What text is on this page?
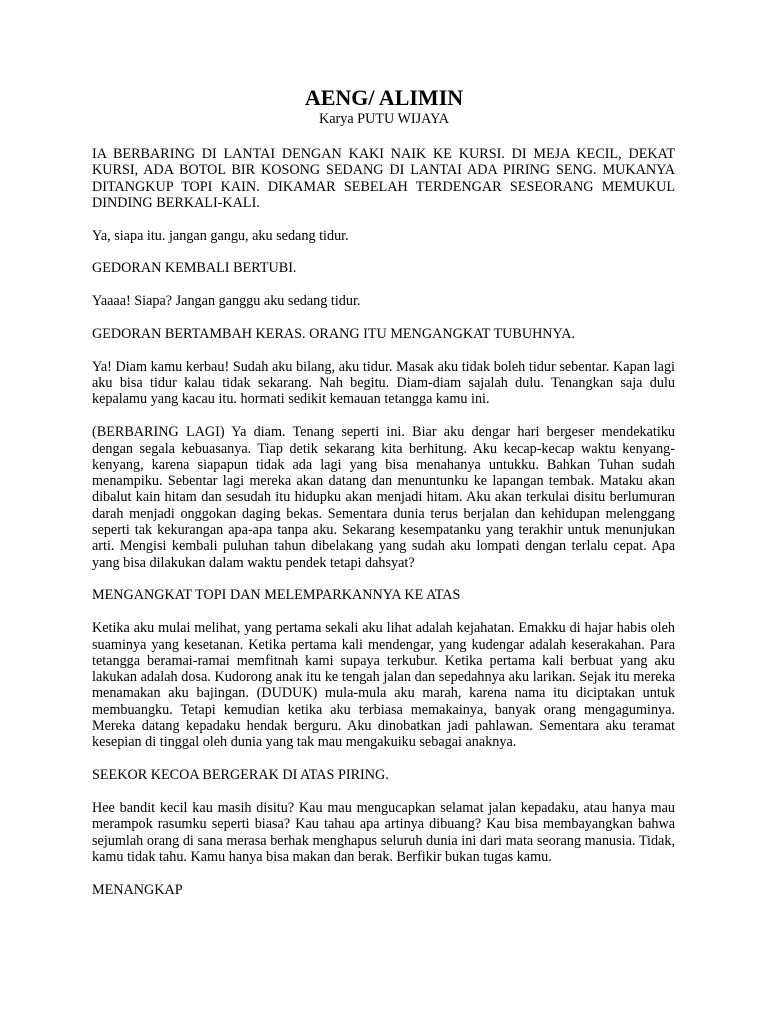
AENG/ ALIMIN
Karya PUTU WIJAYA

IA BERBARING DI LANTAI DENGAN KAKI NAIK KE KURSI. DI MEJA KECIL, DEKAT KURSI, ADA BOTOL BIR KOSONG SEDANG DI LANTAI ADA PIRING SENG. MUKANYA DITANGKUP TOPI KAIN. DIKAMAR SEBELAH TERDENGAR SESEORANG MEMUKUL DINDING BERKALI-KALI.

Ya, siapa itu. jangan gangu, aku sedang tidur.

GEDORAN KEMBALI BERTUBI.

Yaaaa! Siapa? Jangan ganggu aku sedang tidur.

GEDORAN BERTAMBAH KERAS. ORANG ITU MENGANGKAT TUBUHNYA.

Ya! Diam kamu kerbau! Sudah aku bilang, aku tidur. Masak aku tidak boleh tidur sebentar. Kapan lagi aku bisa tidur kalau tidak sekarang. Nah begitu. Diam-diam sajalah dulu. Tenangkan saja dulu kepalamu yang kacau itu. hormati sedikit kemauan tetangga kamu ini.

(BERBARING LAGI) Ya diam. Tenang seperti ini. Biar aku dengar hari bergeser mendekatiku dengan segala kebuasanya. Tiap detik sekarang kita berhitung. Aku kecap-kecap waktu kenyang-kenyang, karena siapapun tidak ada lagi yang bisa menahanya untukku. Bahkan Tuhan sudah menampiku. Sebentar lagi mereka akan datang dan menuntunku ke lapangan tembak. Mataku akan dibalut kain hitam dan sesudah itu hidupku akan menjadi hitam. Aku akan terkulai disitu berlumuran darah menjadi onggokan daging bekas. Sementara dunia terus berjalan dan kehidupan melenggang seperti tak kekurangan apa-apa tanpa aku. Sekarang kesempatanku yang terakhir untuk menunjukan arti. Mengisi kembali puluhan tahun dibelakang yang sudah aku lompati dengan terlalu cepat. Apa yang bisa dilakukan dalam waktu pendek tetapi dahsyat?

MENGANGKAT TOPI DAN MELEMPARKANNYA KE ATAS

Ketika aku mulai melihat, yang pertama sekali aku lihat adalah kejahatan. Emakku di hajar habis oleh suaminya yang kesetanan. Ketika pertama kali mendengar, yang kudengar adalah keserakahan. Para tetangga beramai-ramai memfitnah kami supaya terkubur. Ketika pertama kali berbuat yang aku lakukan adalah dosa. Kudorong anak itu ke tengah jalan dan sepedahnya aku larikan. Sejak itu mereka menamakan aku bajingan. (DUDUK) mula-mula aku marah, karena nama itu diciptakan untuk membuangku. Tetapi kemudian ketika aku terbiasa memakainya, banyak orang mengaguminya. Mereka datang kepadaku hendak berguru. Aku dinobatkan jadi pahlawan. Sementara aku teramat kesepian di tinggal oleh dunia yang tak mau mengakuiku sebagai anaknya.

SEEKOR KECOA BERGERAK DI ATAS PIRING.

Hee bandit kecil kau masih disitu? Kau mau mengucapkan selamat jalan kepadaku, atau hanya mau merampok rasumku seperti biasa? Kau tahau apa artinya dibuang? Kau bisa membayangkan bahwa sejumlah orang di sana merasa berhak menghapus seluruh dunia ini dari mata seorang manusia. Tidak, kamu tidak tahu. Kamu hanya bisa makan dan berak. Berfikir bukan tugas kamu.

MENANGKAP
